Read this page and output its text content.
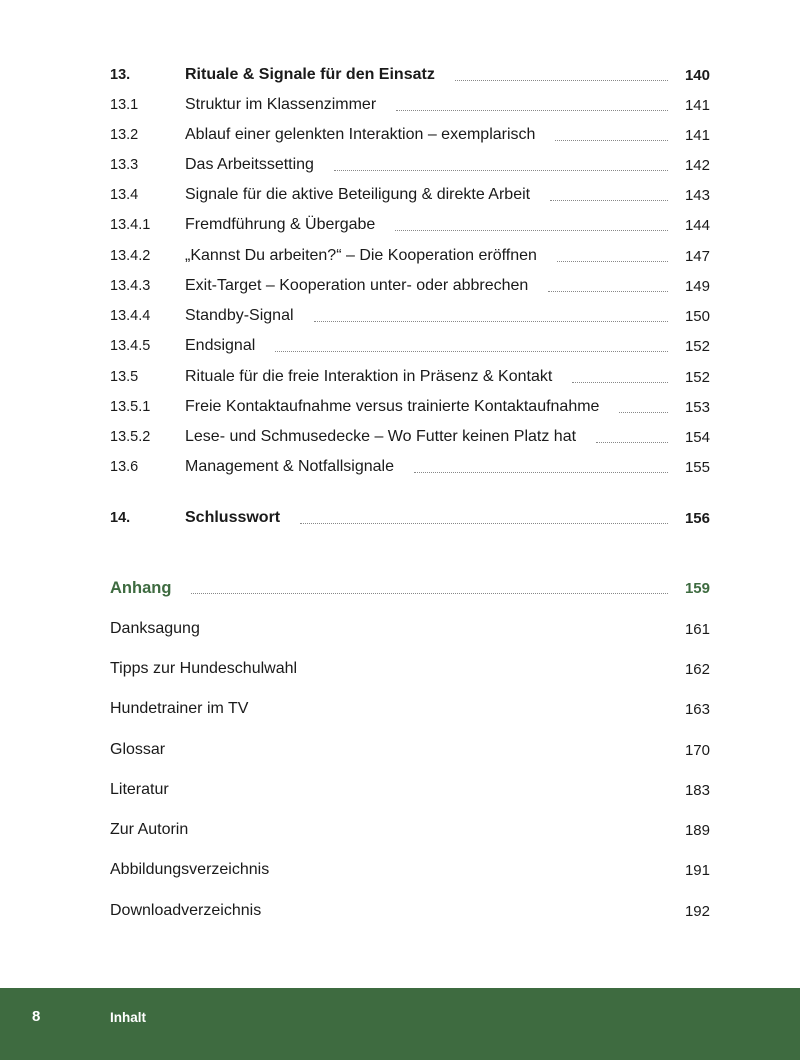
13.	Rituale & Signale für den Einsatz	140
13.1	Struktur im Klassenzimmer	141
13.2	Ablauf einer gelenkten Interaktion – exemplarisch	141
13.3	Das Arbeitssetting	142
13.4	Signale für die aktive Beteiligung & direkte Arbeit	143
13.4.1	Fremdführung & Übergabe	144
13.4.2	„Kannst Du arbeiten?“ – Die Kooperation eröffnen	147
13.4.3	Exit-Target – Kooperation unter- oder abbrechen	149
13.4.4	Standby-Signal	150
13.4.5	Endsignal	152
13.5	Rituale für die freie Interaktion in Präsenz & Kontakt	152
13.5.1	Freie Kontaktaufnahme versus trainierte Kontaktaufnahme	153
13.5.2	Lese- und Schmusedecke – Wo Futter keinen Platz hat	154
13.6	Management & Notfallsignale	155
14.	Schlusswort	156
Anhang	159
Danksagung	161
Tipps zur Hundeschulwahl	162
Hundetrainer im TV	163
Glossar	170
Literatur	183
Zur Autorin	189
Abbildungsverzeichnis	191
Downloadverzeichnis	192
8	Inhalt
